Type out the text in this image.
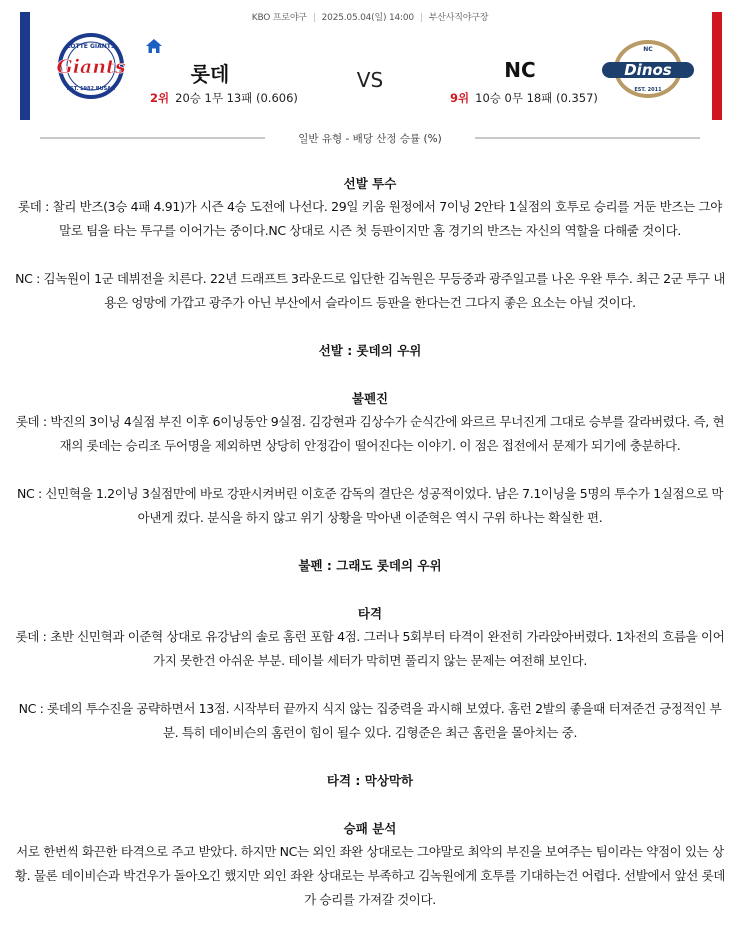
KBO 프로야구 | 2025.05.04(일) 14:00 | 부산사직야구장
LOTTE GIANTS
EST. 1982 BUSAN
Giants	롯데	VS	NC
2위 20승 1무 13패 (0.606)	9위 10승 0무 18패 (0.357)
NC
Dinos
EST. 2011
일반 유형 - 배당 산정 승률 (%)

선발 투수

롯데 : 찰리 반즈(3승 4패 4.91)가 시즌 4승 도전에 나선다. 29일 키움 원정에서 7이닝 2안타 1실점의 호투로 승리를 거둔 반즈는 그야말로 팀을 타는 투구를 이어가는 중이다.NC 상대로 시즌 첫 등판이지만 홈 경기의 반즈는 자신의 역할을 다해줄 것이다.

NC : 김녹원이 1군 데뷔전을 치른다. 22년 드래프트 3라운드로 입단한 김녹원은 무등중과 광주일고를 나온 우완 투수. 최근 2군 투구 내용은 엉망에 가깝고 광주가 아닌 부산에서 슬라이드 등판을 한다는건 그다지 좋은 요소는 아닐 것이다.

선발 : 롯데의 우위

불펜진

롯데 : 박진의 3이닝 4실점 부진 이후 6이닝동안 9실점. 김강현과 김상수가 순식간에 와르르 무너진게 그대로 승부를 갈라버렸다. 즉, 현재의 롯데는 승리조 두어명을 제외하면 상당히 안정감이 떨어진다는 이야기. 이 점은 접전에서 문제가 되기에 충분하다.

NC : 신민혁을 1.2이닝 3실점만에 바로 강판시켜버린 이호준 감독의 결단은 성공적이었다. 남은 7.1이닝을 5명의 투수가 1실점으로 막아낸게 컸다. 분식을 하지 않고 위기 상황을 막아낸 이준혁은 역시 구위 하나는 확실한 편.

불펜 : 그래도 롯데의 우위

타격

롯데 : 초반 신민혁과 이준혁 상대로 유강남의 솔로 홈런 포함 4점. 그러나 5회부터 타격이 완전히 가라앉아버렸다. 1차전의 흐름을 이어가지 못한건 아쉬운 부분. 테이블 세터가 막히면 풀리지 않는 문제는 여전해 보인다.

NC : 롯데의 투수진을 공략하면서 13점. 시작부터 끝까지 식지 않는 집중력을 과시해 보였다. 홈런 2발의 좋을때 터져준건 긍정적인 부분. 특히 데이비슨의 홈런이 힘이 될수 있다. 김형준은 최근 홈런을 몰아치는 중.

타격 : 막상막하

승패 분석

서로 한번씩 화끈한 타격으로 주고 받았다. 하지만 NC는 외인 좌완 상대로는 그야말로 최악의 부진을 보여주는 팀이라는 약점이 있는 상황. 물론 데이비슨과 박건우가 돌아오긴 했지만 외인 좌완 상대로는 부족하고 김녹원에게 호투를 기대하는건 어렵다. 선발에서 앞선 롯데가 승리를 가져갈 것이다.
